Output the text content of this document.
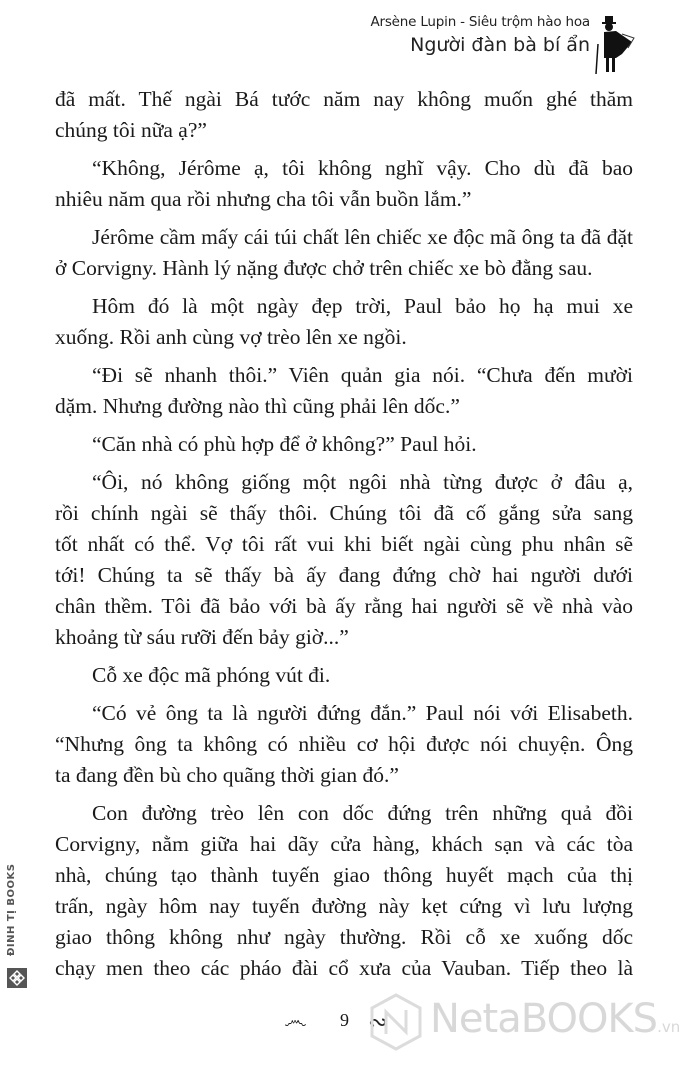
Arsène Lupin - Siêu trộm hào hoa
Người đàn bà bí ẩn
đã mất. Thế ngài Bá tước năm nay không muốn ghé thăm
chúng tôi nữa ạ?”
“Không, Jérôme ạ, tôi không nghĩ vậy. Cho dù đã bao
nhiêu năm qua rồi nhưng cha tôi vẫn buồn lắm.”
Jérôme cầm mấy cái túi chất lên chiếc xe độc mã ông ta đã đặt
ở Corvigny. Hành lý nặng được chở trên chiếc xe bò đằng sau.
Hôm đó là một ngày đẹp trời, Paul bảo họ hạ mui xe
xuống. Rồi anh cùng vợ trèo lên xe ngồi.
“Đi sẽ nhanh thôi.” Viên quản gia nói. “Chưa đến mười
dặm. Nhưng đường nào thì cũng phải lên dốc.”
“Căn nhà có phù hợp để ở không?” Paul hỏi.
“Ôi, nó không giống một ngôi nhà từng được ở đâu ạ,
rồi chính ngài sẽ thấy thôi. Chúng tôi đã cố gắng sửa sang
tốt nhất có thể. Vợ tôi rất vui khi biết ngài cùng phu nhân sẽ
tới! Chúng ta sẽ thấy bà ấy đang đứng chờ hai người dưới
chân thềm. Tôi đã bảo với bà ấy rằng hai người sẽ về nhà vào
khoảng từ sáu rưỡi đến bảy giờ...”
Cỗ xe độc mã phóng vút đi.
“Có vẻ ông ta là người đứng đắn.” Paul nói với Elisabeth.
“Nhưng ông ta không có nhiều cơ hội được nói chuyện. Ông
ta đang đền bù cho quãng thời gian đó.”
Con đường trèo lên con dốc đứng trên những quả đồi
Corvigny, nằm giữa hai dãy cửa hàng, khách sạn và các tòa
nhà, chúng tạo thành tuyến giao thông huyết mạch của thị
trấn, ngày hôm nay tuyến đường này kẹt cứng vì lưu lượng
giao thông không như ngày thường. Rồi cỗ xe xuống dốc
chạy men theo các pháo đài cổ xưa của Vauban. Tiếp theo là
ĐINH TỊ BOOKS
෴ 9 ∾ NetaBOOKS.vn
